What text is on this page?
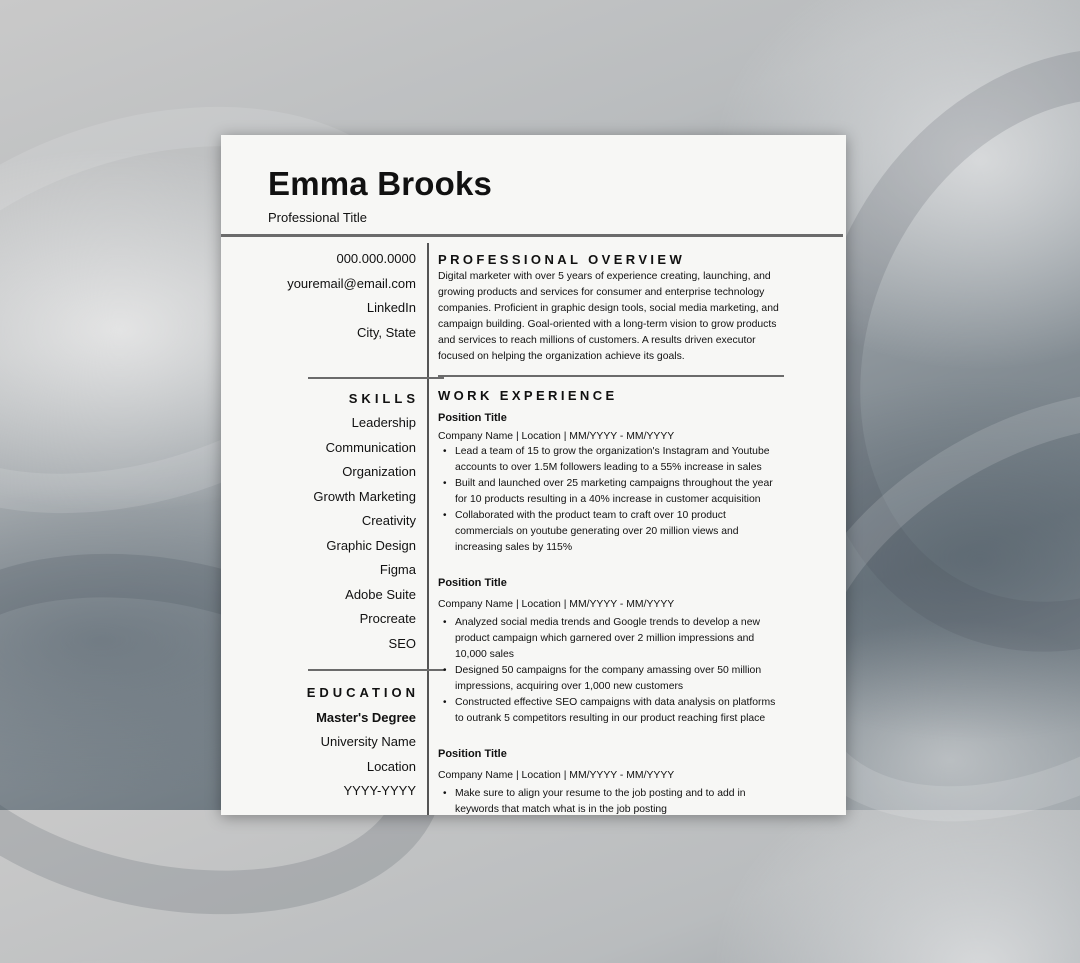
Emma Brooks
Professional Title
000.000.0000
youremail@email.com
LinkedIn
City, State
SKILLS
Leadership
Communication
Organization
Growth Marketing
Creativity
Graphic Design
Figma
Adobe Suite
Procreate
SEO
EDUCATION
Master's Degree
University Name
Location
YYYY-YYYY
PROFESSIONAL OVERVIEW
Digital marketer with over 5 years of experience creating, launching, and growing products and services for consumer and enterprise technology companies. Proficient in graphic design tools, social media marketing, and campaign building. Goal-oriented with a long-term vision to grow products and services to reach millions of customers. A results driven executor focused on helping the organization achieve its goals.
WORK EXPERIENCE
Position Title
Company Name | Location | MM/YYYY - MM/YYYY
• Lead a team of 15 to grow the organization's Instagram and Youtube accounts to over 1.5M followers leading to a 55% increase in sales
• Built and launched over 25 marketing campaigns throughout the year for 10 products resulting in a 40% increase in customer acquisition
• Collaborated with the product team to craft over 10 product commercials on youtube generating over 20 million views and increasing sales by 115%
Position Title
Company Name | Location | MM/YYYY - MM/YYYY
• Analyzed social media trends and Google trends to develop a new product campaign which garnered over 2 million impressions and 10,000 sales
• Designed 50 campaigns for the company amassing over 50 million impressions, acquiring over 1,000 new customers
• Constructed effective SEO campaigns with data analysis on platforms to outrank 5 competitors resulting in our product reaching first place
Position Title
Company Name | Location | MM/YYYY - MM/YYYY
• Make sure to align your resume to the job posting and to add in keywords that match what is in the job posting
